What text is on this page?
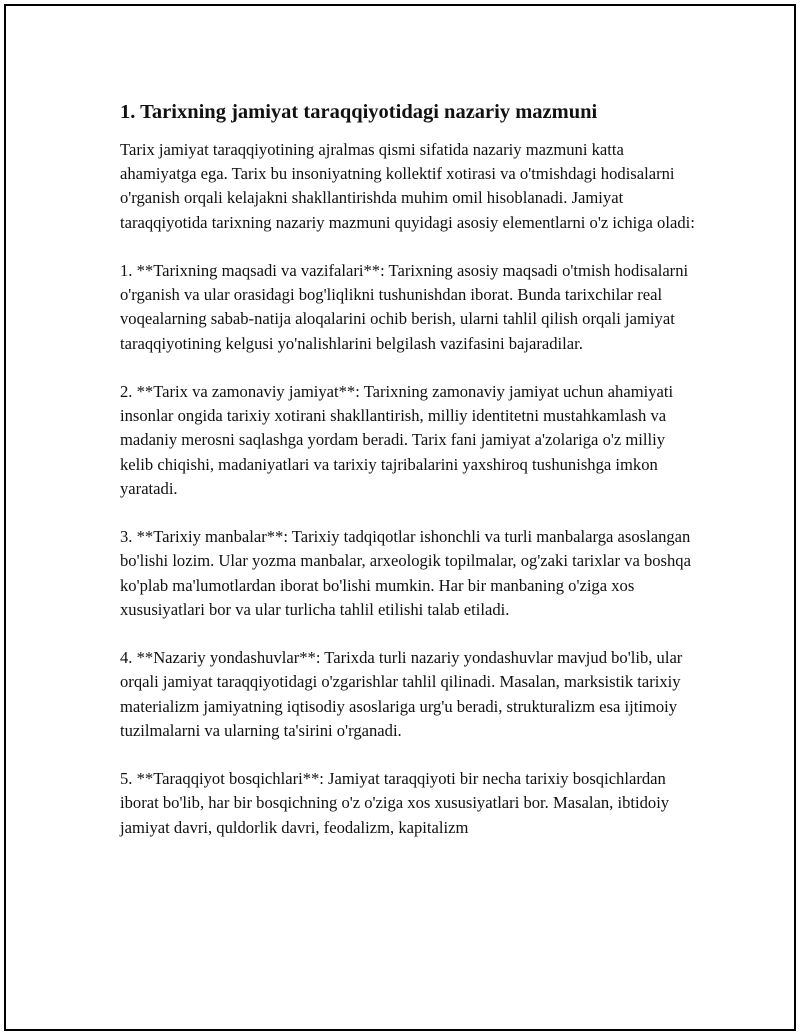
1. Tarixning jamiyat taraqqiyotidagi nazariy mazmuni

Tarix jamiyat taraqqiyotining ajralmas qismi sifatida nazariy mazmuni katta ahamiyatga ega. Tarix bu insoniyatning kollektif xotirasi va o'tmishdagi hodisalarni o'rganish orqali kelajakni shakllantirishda muhim omil hisoblanadi. Jamiyat taraqqiyotida tarixning nazariy mazmuni quyidagi asosiy elementlarni o'z ichiga oladi:

1. **Tarixning maqsadi va vazifalari**: Tarixning asosiy maqsadi o'tmish hodisalarni o'rganish va ular orasidagi bog'liqlikni tushunishdan iborat. Bunda tarixchilar real voqealarning sabab-natija aloqalarini ochib berish, ularni tahlil qilish orqali jamiyat taraqqiyotining kelgusi yo'nalishlarini belgilash vazifasini bajaradilar.

2. **Tarix va zamonaviy jamiyat**: Tarixning zamonaviy jamiyat uchun ahamiyati insonlar ongida tarixiy xotirani shakllantirish, milliy identitetni mustahkamlash va madaniy merosni saqlashga yordam beradi. Tarix fani jamiyat a'zolariga o'z milliy kelib chiqishi, madaniyatlari va tarixiy tajribalarini yaxshiroq tushunishga imkon yaratadi.

3. **Tarixiy manbalar**: Tarixiy tadqiqotlar ishonchli va turli manbalarga asoslangan bo'lishi lozim. Ular yozma manbalar, arxeologik topilmalar, og'zaki tarixlar va boshqa ko'plab ma'lumotlardan iborat bo'lishi mumkin. Har bir manbaning o'ziga xos xususiyatlari bor va ular turlicha tahlil etilishi talab etiladi.

4. **Nazariy yondashuvlar**: Tarixda turli nazariy yondashuvlar mavjud bo'lib, ular orqali jamiyat taraqqiyotidagi o'zgarishlar tahlil qilinadi. Masalan, marksistik tarixiy materializm jamiyatning iqtisodiy asoslariga urg'u beradi, strukturalizm esa ijtimoiy tuzilmalarni va ularning ta'sirini o'rganadi.

5. **Taraqqiyot bosqichlari**: Jamiyat taraqqiyoti bir necha tarixiy bosqichlardan iborat bo'lib, har bir bosqichning o'z o'ziga xos xususiyatlari bor. Masalan, ibtidoiy jamiyat davri, quldorlik davri, feodalizm, kapitalizm
